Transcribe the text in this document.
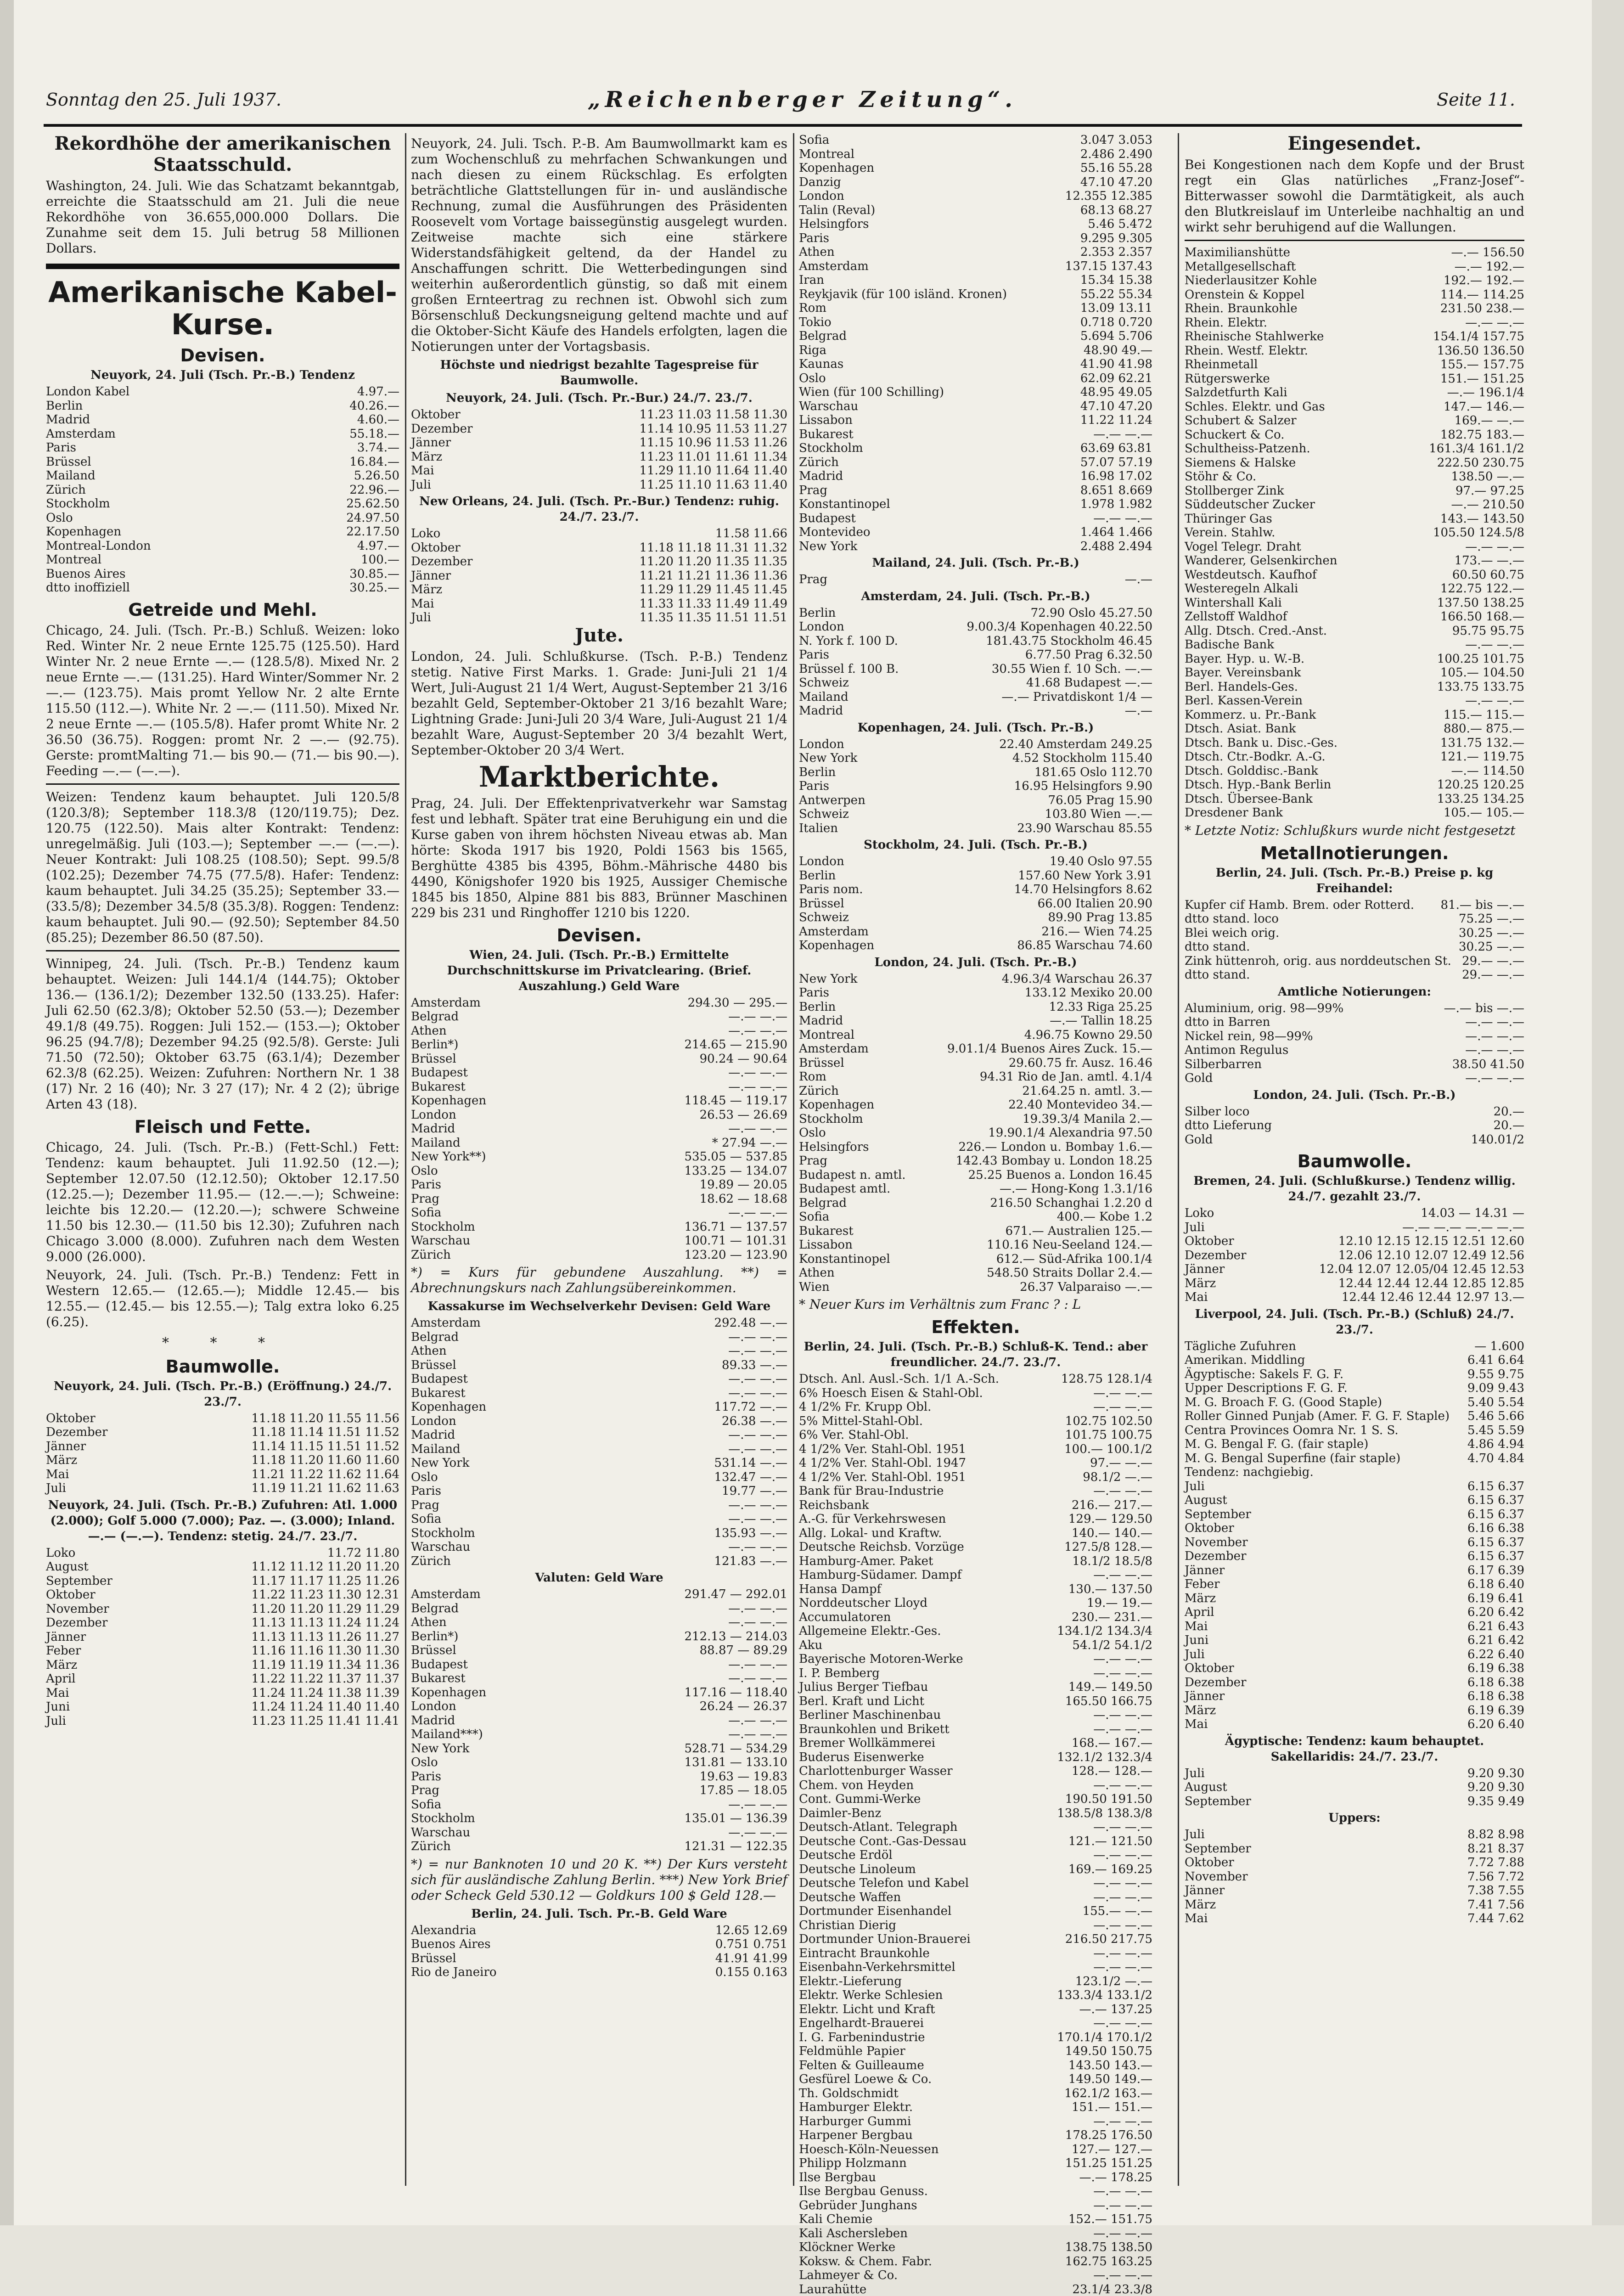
Sonntag den 25. Juli 1937.	„Reichenberger Zeitung“.	Seite 11.
Rekordhöhe der amerikanischen Staatsschuld.

Washington, 24. Juli. Wie das Schatzamt bekanntgab, erreichte die Staatsschuld am 21. Juli die neue Rekordhöhe von 36.655,000.000 Dollars. Die Zunahme seit dem 15. Juli betrug 58 Millionen Dollars.

Amerikanische Kabel-Kurse.
Devisen.
Neuyork, 24. Juli (Tsch. Pr.-B.) Tendenz
London Kabel	4.97.—
Berlin	40.26.—
Madrid	4.60.—
Amsterdam	55.18.—
Paris	3.74.—
Brüssel	16.84.—
Mailand	5.26.50
Zürich	22.96.—
Stockholm	25.62.50
Oslo	24.97.50
Kopenhagen	22.17.50
Montreal-London	4.97.—
Montreal	100.—
Buenos Aires	30.85.—
dtto inoffiziell	30.25.—
Getreide und Mehl.

Chicago, 24. Juli. (Tsch. Pr.-B.) Schluß. Weizen: loko Red. Winter Nr. 2 neue Ernte 125.75 (125.50). Hard Winter Nr. 2 neue Ernte —.— (128.5/8). Mixed Nr. 2 neue Ernte —.— (131.25). Hard Winter/Sommer Nr. 2 —.— (123.75). Mais promt Yellow Nr. 2 alte Ernte 115.50 (112.—). White Nr. 2 —.— (111.50). Mixed Nr. 2 neue Ernte —.— (105.5/8). Hafer promt White Nr. 2 36.50 (36.75). Roggen: promt Nr. 2 —.— (92.75). Gerste: promtMalting 71.— bis 90.— (71.— bis 90.—). Feeding —.— (—.—).

Weizen: Tendenz kaum behauptet. Juli 120.5/8 (120.3/8); September 118.3/8 (120/119.75); Dez. 120.75 (122.50). Mais alter Kontrakt: Tendenz: unregelmäßig. Juli (103.—); September —.— (—.—). Neuer Kontrakt: Juli 108.25 (108.50); Sept. 99.5/8 (102.25); Dezember 74.75 (77.5/8). Hafer: Tendenz: kaum behauptet. Juli 34.25 (35.25); September 33.— (33.5/8); Dezember 34.5/8 (35.3/8). Roggen: Tendenz: kaum behauptet. Juli 90.— (92.50); September 84.50 (85.25); Dezember 86.50 (87.50).

Winnipeg, 24. Juli. (Tsch. Pr.-B.) Tendenz kaum behauptet. Weizen: Juli 144.1/4 (144.75); Oktober 136.— (136.1/2); Dezember 132.50 (133.25). Hafer: Juli 62.50 (62.3/8); Oktober 52.50 (53.—); Dezember 49.1/8 (49.75). Roggen: Juli 152.— (153.—); Oktober 96.25 (94.7/8); Dezember 94.25 (92.5/8). Gerste: Juli 71.50 (72.50); Oktober 63.75 (63.1/4); Dezember 62.3/8 (62.25). Weizen: Zufuhren: Northern Nr. 1 38 (17) Nr. 2 16 (40); Nr. 3 27 (17); Nr. 4 2 (2); übrige Arten 43 (18).

Fleisch und Fette.

Chicago, 24. Juli. (Tsch. Pr.-B.) (Fett-Schl.) Fett: Tendenz: kaum behauptet. Juli 11.92.50 (12.—); September 12.07.50 (12.12.50); Oktober 12.17.50 (12.25.—); Dezember 11.95.— (12.—.—); Schweine: leichte bis 12.20.— (12.20.—); schwere Schweine 11.50 bis 12.30.— (11.50 bis 12.30); Zufuhren nach Chicago 3.000 (8.000). Zufuhren nach dem Westen 9.000 (26.000).

Neuyork, 24. Juli. (Tsch. Pr.-B.) Tendenz: Fett in Western 12.65.— (12.65.—); Middle 12.45.— bis 12.55.— (12.45.— bis 12.55.—); Talg extra loko 6.25 (6.25).

* * *
Baumwolle.
Neuyork, 24. Juli. (Tsch. Pr.-B.) (Eröffnung.) 24./7. 23./7.
Oktober	11.18 11.20 11.55 11.56
Dezember	11.18 11.14 11.51 11.52
Jänner	11.14 11.15 11.51 11.52
März	11.18 11.20 11.60 11.60
Mai	11.21 11.22 11.62 11.64
Juli	11.19 11.21 11.62 11.63
Neuyork, 24. Juli. (Tsch. Pr.-B.) Zufuhren: Atl. 1.000 (2.000); Golf 5.000 (7.000); Paz. —. (3.000); Inland. —.— (—.—). Tendenz: stetig. 24./7. 23./7.
Loko	11.72 11.80
August	11.12 11.12 11.20 11.20
September	11.17 11.17 11.25 11.26
Oktober	11.22 11.23 11.30 12.31
November	11.20 11.20 11.29 11.29
Dezember	11.13 11.13 11.24 11.24
Jänner	11.13 11.13 11.26 11.27
Feber	11.16 11.16 11.30 11.30
März	11.19 11.19 11.34 11.36
April	11.22 11.22 11.37 11.37
Mai	11.24 11.24 11.38 11.39
Juni	11.24 11.24 11.40 11.40
Juli	11.23 11.25 11.41 11.41

Neuyork, 24. Juli. Tsch. P.-B. Am Baumwollmarkt kam es zum Wochenschluß zu mehrfachen Schwankungen und nach diesen zu einem Rückschlag. Es erfolgten beträchtliche Glattstellungen für in- und ausländische Rechnung, zumal die Ausführungen des Präsidenten Roosevelt vom Vortage baissegünstig ausgelegt wurden. Zeitweise machte sich eine stärkere Widerstandsfähigkeit geltend, da der Handel zu Anschaffungen schritt. Die Wetterbedingungen sind weiterhin außerordentlich günstig, so daß mit einem großen Ernteertrag zu rechnen ist. Obwohl sich zum Börsenschluß Deckungsneigung geltend machte und auf die Oktober-Sicht Käufe des Handels erfolgten, lagen die Notierungen unter der Vortagsbasis.

Höchste und niedrigst bezahlte Tagespreise für Baumwolle.
Neuyork, 24. Juli. (Tsch. Pr.-Bur.) 24./7. 23./7.
Oktober	11.23 11.03 11.58 11.30
Dezember	11.14 10.95 11.53 11.27
Jänner	11.15 10.96 11.53 11.26
März	11.23 11.01 11.61 11.34
Mai	11.29 11.10 11.64 11.40
Juli	11.25 11.10 11.63 11.40
New Orleans, 24. Juli. (Tsch. Pr.-Bur.) Tendenz: ruhig. 24./7. 23./7.
Loko	11.58 11.66
Oktober	11.18 11.18 11.31 11.32
Dezember	11.20 11.20 11.35 11.35
Jänner	11.21 11.21 11.36 11.36
März	11.29 11.29 11.45 11.45
Mai	11.33 11.33 11.49 11.49
Juli	11.35 11.35 11.51 11.51
Jute.

London, 24. Juli. Schlußkurse. (Tsch. P.-B.) Tendenz stetig. Native First Marks. 1. Grade: Juni-Juli 21 1/4 Wert, Juli-August 21 1/4 Wert, August-September 21 3/16 bezahlt Geld, September-Oktober 21 3/16 bezahlt Ware; Lightning Grade: Juni-Juli 20 3/4 Ware, Juli-August 21 1/4 bezahlt Ware, August-September 20 3/4 bezahlt Wert, September-Oktober 20 3/4 Wert.

Marktberichte.

Prag, 24. Juli. Der Effektenprivatverkehr war Samstag fest und lebhaft. Später trat eine Beruhigung ein und die Kurse gaben von ihrem höchsten Niveau etwas ab. Man hörte: Skoda 1917 bis 1920, Poldi 1563 bis 1565, Berghütte 4385 bis 4395, Böhm.-Mährische 4480 bis 4490, Königshofer 1920 bis 1925, Aussiger Chemische 1845 bis 1850, Alpine 881 bis 883, Brünner Maschinen 229 bis 231 und Ringhoffer 1210 bis 1220.

Devisen.
Wien, 24. Juli. (Tsch. Pr.-B.) Ermittelte Durchschnittskurse im Privatclearing. (Brief. Auszahlung.) Geld Ware
Amsterdam	294.30 — 295.—
Belgrad	—.— —.—
Athen	—.— —.—
Berlin*)	214.65 — 215.90
Brüssel	90.24 — 90.64
Budapest	—.— —.—
Bukarest	—.— —.—
Kopenhagen	118.45 — 119.17
London	26.53 — 26.69
Madrid	—.— —.—
Mailand	* 27.94 —.—
New York**)	535.05 — 537.85
Oslo	133.25 — 134.07
Paris	19.89 — 20.05
Prag	18.62 — 18.68
Sofia	—.— —.—
Stockholm	136.71 — 137.57
Warschau	100.71 — 101.31
Zürich	123.20 — 123.90

*) = Kurs für gebundene Auszahlung. **) = Abrechnungskurs nach Zahlungsübereinkommen.

Kassakurse im Wechselverkehr Devisen: Geld Ware
Amsterdam	292.48 —.—
Belgrad	—.— —.—
Athen	—.— —.—
Brüssel	89.33 —.—
Budapest	—.— —.—
Bukarest	—.— —.—
Kopenhagen	117.72 —.—
London	26.38 —.—
Madrid	—.— —.—
Mailand	—.— —.—
New York	531.14 —.—
Oslo	132.47 —.—
Paris	19.77 —.—
Prag	—.— —.—
Sofia	—.— —.—
Stockholm	135.93 —.—
Warschau	—.— —.—
Zürich	121.83 —.—
Valuten: Geld Ware
Amsterdam	291.47 — 292.01
Belgrad	—.— —.—
Athen	—.— —.—
Berlin*)	212.13 — 214.03
Brüssel	88.87 — 89.29
Budapest	—.— —.—
Bukarest	—.— —.—
Kopenhagen	117.16 — 118.40
London	26.24 — 26.37
Madrid	—.— —.—
Mailand***)	—.— —.—
New York	528.71 — 534.29
Oslo	131.81 — 133.10
Paris	19.63 — 19.83
Prag	17.85 — 18.05
Sofia	—.— —.—
Stockholm	135.01 — 136.39
Warschau	—.— —.—
Zürich	121.31 — 122.35

*) = nur Banknoten 10 und 20 K. **) Der Kurs versteht sich für ausländische Zahlung Berlin. ***) New York Brief oder Scheck Geld 530.12 — Goldkurs 100 $ Geld 128.—

Berlin, 24. Juli. Tsch. Pr.-B. Geld Ware
Alexandria	12.65 12.69
Buenos Aires	0.751 0.751
Brüssel	41.91 41.99
Rio de Janeiro	0.155 0.163
Sofia	3.047 3.053
Montreal	2.486 2.490
Kopenhagen	55.16 55.28
Danzig	47.10 47.20
London	12.355 12.385
Talin (Reval)	68.13 68.27
Helsingfors	5.46 5.472
Paris	9.295 9.305
Athen	2.353 2.357
Amsterdam	137.15 137.43
Iran	15.34 15.38
Reykjavik (für 100 isländ. Kronen)	55.22 55.34
Rom	13.09 13.11
Tokio	0.718 0.720
Belgrad	5.694 5.706
Riga	48.90 49.—
Kaunas	41.90 41.98
Oslo	62.09 62.21
Wien (für 100 Schilling)	48.95 49.05
Warschau	47.10 47.20
Lissabon	11.22 11.24
Bukarest	—.— —.—
Stockholm	63.69 63.81
Zürich	57.07 57.19
Madrid	16.98 17.02
Prag	8.651 8.669
Konstantinopel	1.978 1.982
Budapest	—.— —.—
Montevideo	1.464 1.466
New York	2.488 2.494
Mailand, 24. Juli. (Tsch. Pr.-B.)
Prag	—.—
Amsterdam, 24. Juli. (Tsch. Pr.-B.)
Berlin	72.90 Oslo 45.27.50
London	9.00.3/4 Kopenhagen 40.22.50
N. York f. 100 D.	181.43.75 Stockholm 46.45
Paris	6.77.50 Prag 6.32.50
Brüssel f. 100 B.	30.55 Wien f. 10 Sch. —.—
Schweiz	41.68 Budapest —.—
Mailand	—.— Privatdiskont 1/4 —
Madrid	—.—
Kopenhagen, 24. Juli. (Tsch. Pr.-B.)
London	22.40 Amsterdam 249.25
New York	4.52 Stockholm 115.40
Berlin	181.65 Oslo 112.70
Paris	16.95 Helsingfors 9.90
Antwerpen	76.05 Prag 15.90
Schweiz	103.80 Wien —.—
Italien	23.90 Warschau 85.55
Stockholm, 24. Juli. (Tsch. Pr.-B.)
London	19.40 Oslo 97.55
Berlin	157.60 New York 3.91
Paris nom.	14.70 Helsingfors 8.62
Brüssel	66.00 Italien 20.90
Schweiz	89.90 Prag 13.85
Amsterdam	216.— Wien 74.25
Kopenhagen	86.85 Warschau 74.60
London, 24. Juli. (Tsch. Pr.-B.)
New York	4.96.3/4 Warschau 26.37
Paris	133.12 Mexiko 20.00
Berlin	12.33 Riga 25.25
Madrid	—.— Tallin 18.25
Montreal	4.96.75 Kowno 29.50
Amsterdam	9.01.1/4 Buenos Aires Zuck. 15.—
Brüssel	29.60.75 fr. Ausz. 16.46
Rom	94.31 Rio de Jan. amtl. 4.1/4
Zürich	21.64.25 n. amtl. 3.—
Kopenhagen	22.40 Montevideo 34.—
Stockholm	19.39.3/4 Manila 2.—
Oslo	19.90.1/4 Alexandria 97.50
Helsingfors	226.— London u. Bombay 1.6.—
Prag	142.43 Bombay u. London 18.25
Budapest n. amtl.	25.25 Buenos a. London 16.45
Budapest amtl.	—.— Hong-Kong 1.3.1/16
Belgrad	216.50 Schanghai 1.2.20 d
Sofia	400.— Kobe 1.2
Bukarest	671.— Australien 125.—
Lissabon	110.16 Neu-Seeland 124.—
Konstantinopel	612.— Süd-Afrika 100.1/4
Athen	548.50 Straits Dollar 2.4.—
Wien	26.37 Valparaiso —.—

* Neuer Kurs im Verhältnis zum Franc ? : L

Effekten.
Berlin, 24. Juli. (Tsch. Pr.-B.) Schluß-K. Tend.: aber freundlicher. 24./7. 23./7.
Dtsch. Anl. Ausl.-Sch. 1/1 A.-Sch.	128.75 128.1/4
6% Hoesch Eisen & Stahl-Obl.	—.— —.—
4 1/2% Fr. Krupp Obl.	—.— —.—
5% Mittel-Stahl-Obl.	102.75 102.50
6% Ver. Stahl-Obl.	101.75 100.75
4 1/2% Ver. Stahl-Obl. 1951	100.— 100.1/2
4 1/2% Ver. Stahl-Obl. 1947	97.— —.—
4 1/2% Ver. Stahl-Obl. 1951	98.1/2 —.—
Bank für Brau-Industrie	—.— —.—
Reichsbank	216.— 217.—
A.-G. für Verkehrswesen	129.— 129.50
Allg. Lokal- und Kraftw.	140.— 140.—
Deutsche Reichsb. Vorzüge	127.5/8 128.—
Hamburg-Amer. Paket	18.1/2 18.5/8
Hamburg-Südamer. Dampf	—.— —.—
Hansa Dampf	130.— 137.50
Norddeutscher Lloyd	19.— 19.—
Accumulatoren	230.— 231.—
Allgemeine Elektr.-Ges.	134.1/2 134.3/4
Aku	54.1/2 54.1/2
Bayerische Motoren-Werke	—.— —.—
I. P. Bemberg	—.— —.—
Julius Berger Tiefbau	149.— 149.50
Berl. Kraft und Licht	165.50 166.75
Berliner Maschinenbau	—.— —.—
Braunkohlen und Brikett	—.— —.—
Bremer Wollkämmerei	168.— 167.—
Buderus Eisenwerke	132.1/2 132.3/4
Charlottenburger Wasser	128.— 128.—
Chem. von Heyden	—.— —.—
Cont. Gummi-Werke	190.50 191.50
Daimler-Benz	138.5/8 138.3/8
Deutsch-Atlant. Telegraph	—.— —.—
Deutsche Cont.-Gas-Dessau	121.— 121.50
Deutsche Erdöl	—.— —.—
Deutsche Linoleum	169.— 169.25
Deutsche Telefon und Kabel	—.— —.—
Deutsche Waffen	—.— —.—
Dortmunder Eisenhandel	155.— —.—
Christian Dierig	—.— —.—
Dortmunder Union-Brauerei	216.50 217.75
Eintracht Braunkohle	—.— —.—
Eisenbahn-Verkehrsmittel	—.— —.—
Elektr.-Lieferung	123.1/2 —.—
Elektr. Werke Schlesien	133.3/4 133.1/2
Elektr. Licht und Kraft	—.— 137.25
Engelhardt-Brauerei	—.— —.—
I. G. Farbenindustrie	170.1/4 170.1/2
Feldmühle Papier	149.50 150.75
Felten & Guilleaume	143.50 143.—
Gesfürel Loewe & Co.	149.50 149.—
Th. Goldschmidt	162.1/2 163.—
Hamburger Elektr.	151.— 151.—
Harburger Gummi	—.— —.—
Harpener Bergbau	178.25 176.50
Hoesch-Köln-Neuessen	127.— 127.—
Philipp Holzmann	151.25 151.25
Ilse Bergbau	—.— 178.25
Ilse Bergbau Genuss.	—.— —.—
Gebrüder Junghans	—.— —.—
Kali Chemie	152.— 151.75
Kali Aschersleben	—.— —.—
Klöckner Werke	138.75 138.50
Koksw. & Chem. Fabr.	162.75 163.25
Lahmeyer & Co.	—.— —.—
Laurahütte	23.1/4 23.3/8
Eingesendet.

Bei Kongestionen nach dem Kopfe und der Brust regt ein Glas natürliches „Franz-Josef“-Bitterwasser sowohl die Darmtätigkeit, als auch den Blutkreislauf im Unterleibe nachhaltig an und wirkt sehr beruhigend auf die Wallungen.

Maximilianshütte	—.— 156.50
Metallgesellschaft	—.— 192.—
Niederlausitzer Kohle	192.— 192.—
Orenstein & Koppel	114.— 114.25
Rhein. Braunkohle	231.50 238.—
Rhein. Elektr.	—.— —.—
Rheinische Stahlwerke	154.1/4 157.75
Rhein. Westf. Elektr.	136.50 136.50
Rheinmetall	155.— 157.75
Rütgerswerke	151.— 151.25
Salzdetfurth Kali	—.— 196.1/4
Schles. Elektr. und Gas	147.— 146.—
Schubert & Salzer	169.— —.—
Schuckert & Co.	182.75 183.—
Schultheiss-Patzenh.	161.3/4 161.1/2
Siemens & Halske	222.50 230.75
Stöhr & Co.	138.50 —.—
Stollberger Zink	97.— 97.25
Süddeutscher Zucker	—.— 210.50
Thüringer Gas	143.— 143.50
Verein. Stahlw.	105.50 124.5/8
Vogel Telegr. Draht	—.— —.—
Wanderer, Gelsenkirchen	173.— —.—
Westdeutsch. Kaufhof	60.50 60.75
Westeregeln Alkali	122.75 122.—
Wintershall Kali	137.50 138.25
Zellstoff Waldhof	166.50 168.—
Allg. Dtsch. Cred.-Anst.	95.75 95.75
Badische Bank	—.— —.—
Bayer. Hyp. u. W.-B.	100.25 101.75
Bayer. Vereinsbank	105.— 104.50
Berl. Handels-Ges.	133.75 133.75
Berl. Kassen-Verein	—.— —.—
Kommerz. u. Pr.-Bank	115.— 115.—
Dtsch. Asiat. Bank	880.— 875.—
Dtsch. Bank u. Disc.-Ges.	131.75 132.—
Dtsch. Ctr.-Bodkr. A.-G.	121.— 119.75
Dtsch. Golddisc.-Bank	—.— 114.50
Dtsch. Hyp.-Bank Berlin	120.25 120.25
Dtsch. Übersee-Bank	133.25 134.25
Dresdener Bank	105.— 105.—

* Letzte Notiz: Schlußkurs wurde nicht festgesetzt

Metallnotierungen.
Berlin, 24. Juli. (Tsch. Pr.-B.) Preise p. kg Freihandel:
Kupfer cif Hamb. Brem. oder Rotterd.	81.— bis —.—
dtto stand. loco	75.25 —.—
Blei weich orig.	30.25 —.—
dtto stand.	30.25 —.—
Zink hüttenroh, orig. aus norddeutschen St. 29.— —.—
dtto stand.	29.— —.—
Amtliche Notierungen:
Aluminium, orig. 98—99%	—.— bis —.—
dtto in Barren	—.— —.—
Nickel rein, 98—99%	—.— —.—
Antimon Regulus	—.— —.—
Silberbarren	38.50 41.50
Gold	—.— —.—
London, 24. Juli. (Tsch. Pr.-B.)
Silber loco	20.—
dtto Lieferung	20.—
Gold	140.01/2
Baumwolle.
Bremen, 24. Juli. (Schlußkurse.) Tendenz willig. 24./7. gezahlt 23./7.
Loko	14.03 — 14.31 —
Juli	—.— —.— —.— —.—
Oktober	12.10 12.15 12.15 12.51 12.60
Dezember	12.06 12.10 12.07 12.49 12.56
Jänner	12.04 12.07 12.05/04 12.45 12.53
März	12.44 12.44 12.44 12.85 12.85
Mai	12.44 12.46 12.44 12.97 13.—
Liverpool, 24. Juli. (Tsch. Pr.-B.) (Schluß) 24./7. 23./7.
Tägliche Zufuhren	— 1.600
Amerikan. Middling	6.41 6.64
Ägyptische: Sakels F. G. F.	9.55 9.75
Upper Descriptions F. G. F.	9.09 9.43
M. G. Broach F. G. (Good Staple)	5.40 5.54
Roller Ginned Punjab (Amer. F. G. F. Staple)	5.46 5.66
Centra Provinces Oomra Nr. 1 S. S.	5.45 5.59
M. G. Bengal F. G. (fair staple)	4.86 4.94
M. G. Bengal Superfine (fair staple)	4.70 4.84
Tendenz: nachgiebig.
Juli	6.15 6.37
August	6.15 6.37
September	6.15 6.37
Oktober	6.16 6.38
November	6.15 6.37
Dezember	6.15 6.37
Jänner	6.17 6.39
Feber	6.18 6.40
März	6.19 6.41
April	6.20 6.42
Mai	6.21 6.43
Juni	6.21 6.42
Juli	6.22 6.40
Oktober	6.19 6.38
Dezember	6.18 6.38
Jänner	6.18 6.38
März	6.19 6.39
Mai	6.20 6.40
Ägyptische: Tendenz: kaum behauptet. Sakellaridis: 24./7. 23./7.
Juli	9.20 9.30
August	9.20 9.30
September	9.35 9.49
Uppers:
Juli	8.82 8.98
September	8.21 8.37
Oktober	7.72 7.88
November	7.56 7.72
Jänner	7.38 7.55
März	7.41 7.56
Mai	7.44 7.62
